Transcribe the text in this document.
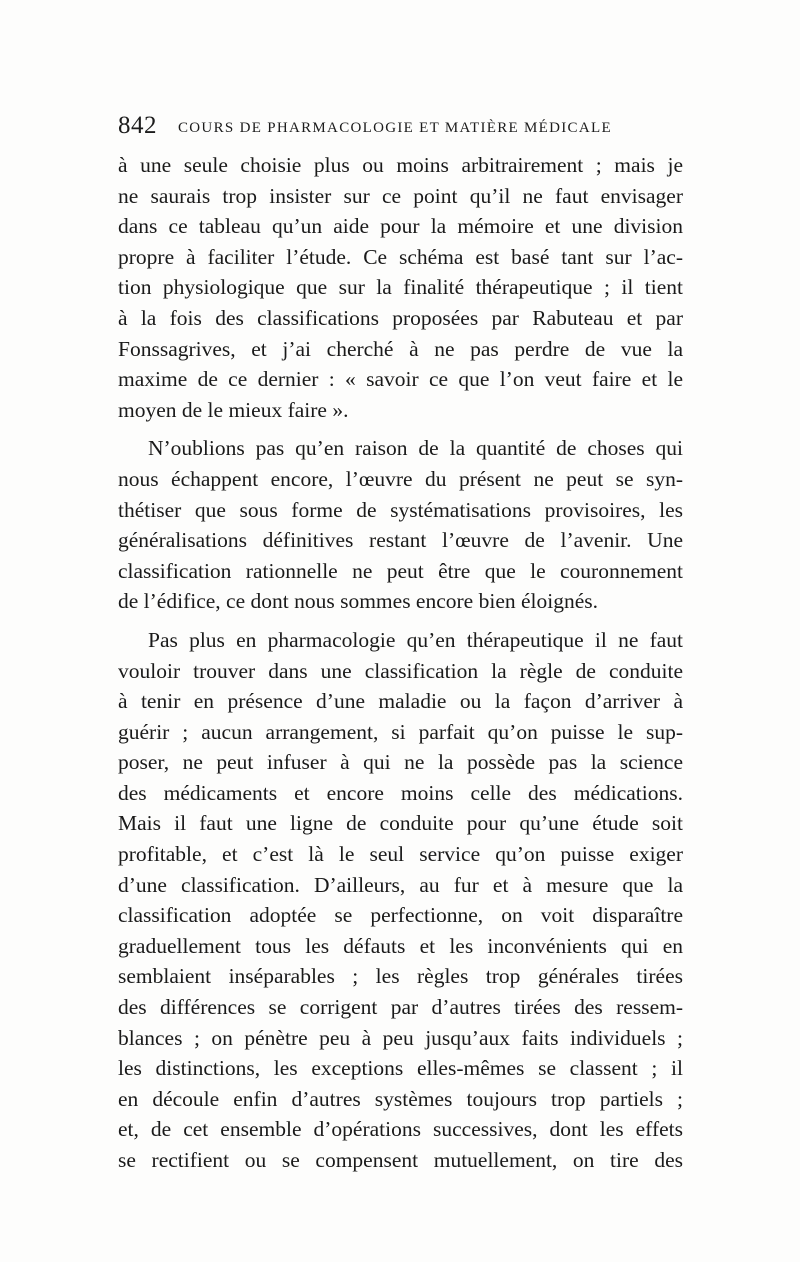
842 COURS DE PHARMACOLOGIE ET MATIÈRE MÉDICALE

à une seule choisie plus ou moins arbitrairement ; mais je

ne saurais trop insister sur ce point qu’il ne faut envisager

dans ce tableau qu’un aide pour la mémoire et une division

propre à faciliter l’étude. Ce schéma est basé tant sur l’ac-

tion physiologique que sur la finalité thérapeutique ; il tient

à la fois des classifications proposées par Rabuteau et par

Fonssagrives, et j’ai cherché à ne pas perdre de vue la

maxime de ce dernier : « savoir ce que l’on veut faire et le

moyen de le mieux faire ».

N’oublions pas qu’en raison de la quantité de choses qui

nous échappent encore, l’œuvre du présent ne peut se syn-

thétiser que sous forme de systématisations provisoires, les

généralisations définitives restant l’œuvre de l’avenir. Une

classification rationnelle ne peut être que le couronnement

de l’édifice, ce dont nous sommes encore bien éloignés.

Pas plus en pharmacologie qu’en thérapeutique il ne faut

vouloir trouver dans une classification la règle de conduite

à tenir en présence d’une maladie ou la façon d’arriver à

guérir ; aucun arrangement, si parfait qu’on puisse le sup-

poser, ne peut infuser à qui ne la possède pas la science

des médicaments et encore moins celle des médications.

Mais il faut une ligne de conduite pour qu’une étude soit

profitable, et c’est là le seul service qu’on puisse exiger

d’une classification. D’ailleurs, au fur et à mesure que la

classification adoptée se perfectionne, on voit disparaître

graduellement tous les défauts et les inconvénients qui en

semblaient inséparables ; les règles trop générales tirées

des différences se corrigent par d’autres tirées des ressem-

blances ; on pénètre peu à peu jusqu’aux faits individuels ;

les distinctions, les exceptions elles-mêmes se classent ; il

en découle enfin d’autres systèmes toujours trop partiels ;

et, de cet ensemble d’opérations successives, dont les effets

se rectifient ou se compensent mutuellement, on tire des
